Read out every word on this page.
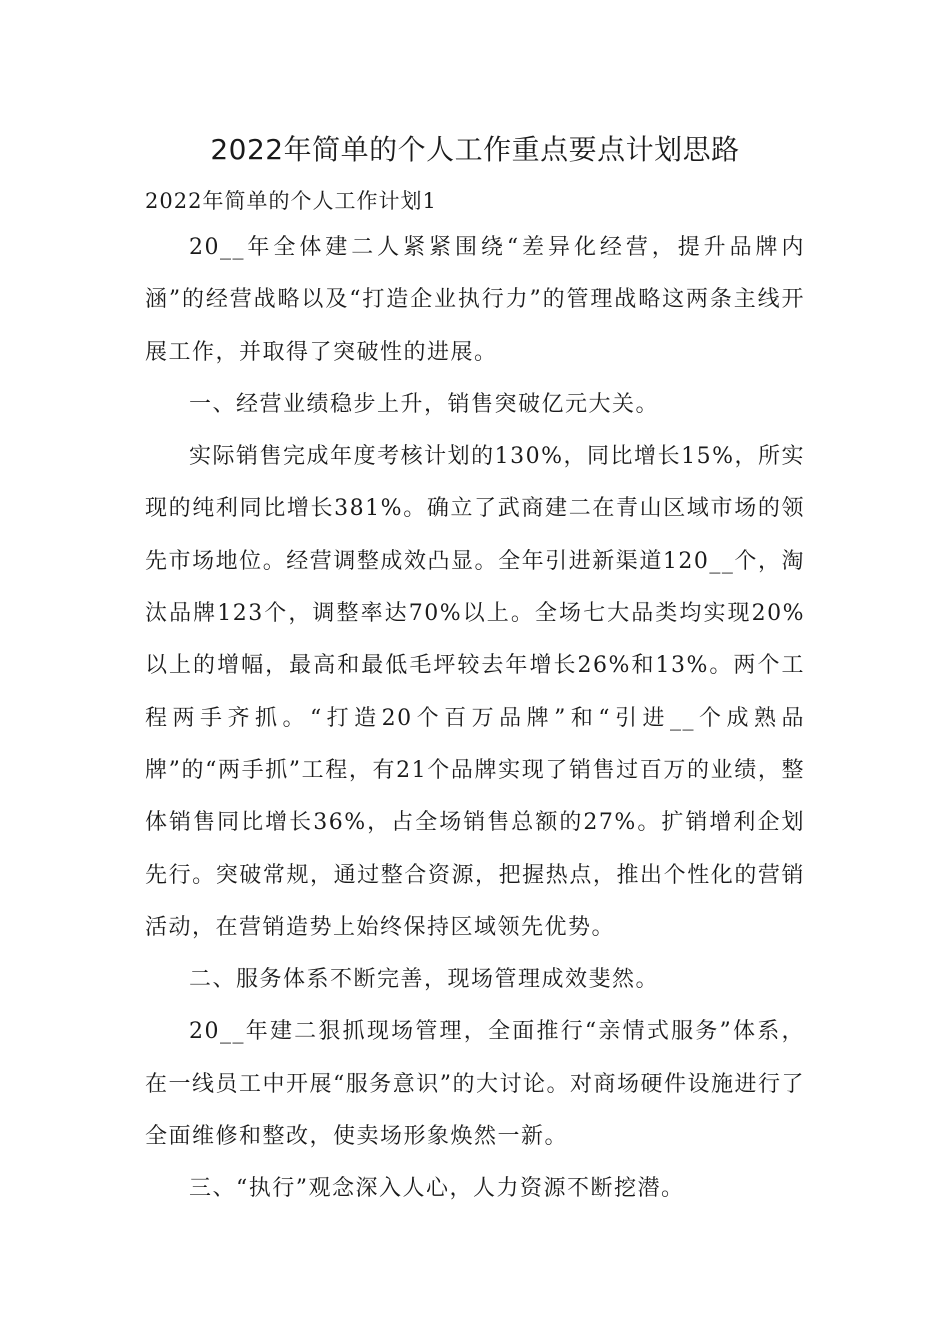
2022年简单的个人工作重点要点计划思路

2022年简单的个人工作计划1

20__年全体建二人紧紧围绕“差异化经营，提升品牌内涵”的经营战略以及“打造企业执行力”的管理战略这两条主线开展工作，并取得了突破性的进展。

一、经营业绩稳步上升，销售突破亿元大关。

实际销售完成年度考核计划的130%，同比增长15%，所实现的纯利同比增长381%。确立了武商建二在青山区域市场的领先市场地位。经营调整成效凸显。全年引进新渠道120__个，淘汰品牌123个，调整率达70%以上。全场七大品类均实现20%以上的增幅，最高和最低毛坪较去年增长26%和13%。两个工程两手齐抓。“打造20个百万品牌”和“引进__个成熟品牌”的“两手抓”工程，有21个品牌实现了销售过百万的业绩，整体销售同比增长36%，占全场销售总额的27%。扩销增利企划先行。突破常规，通过整合资源，把握热点，推出个性化的营销活动，在营销造势上始终保持区域领先优势。

二、服务体系不断完善，现场管理成效斐然。

20__年建二狠抓现场管理，全面推行“亲情式服务”体系，在一线员工中开展“服务意识”的大讨论。对商场硬件设施进行了全面维修和整改，使卖场形象焕然一新。

三、“执行”观念深入人心，人力资源不断挖潜。
